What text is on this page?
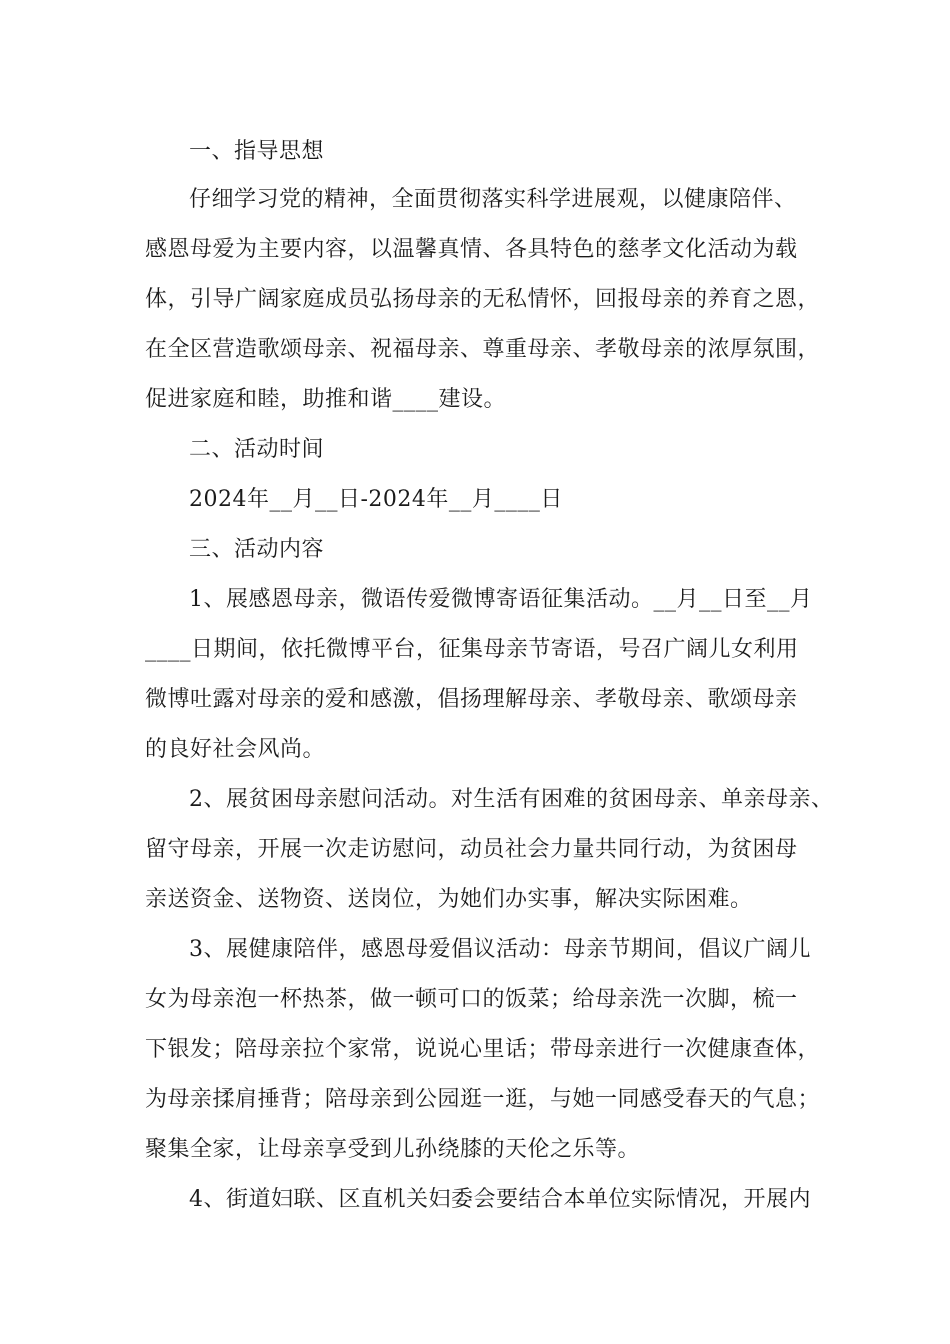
一、指导思想
仔细学习党的精神，全面贯彻落实科学进展观，以健康陪伴、
感恩母爱为主要内容，以温馨真情、各具特色的慈孝文化活动为载
体，引导广阔家庭成员弘扬母亲的无私情怀，回报母亲的养育之恩，
在全区营造歌颂母亲、祝福母亲、尊重母亲、孝敬母亲的浓厚氛围，
促进家庭和睦，助推和谐____建设。
二、活动时间
2024年__月__日-2024年__月____日
三、活动内容
1、展感恩母亲，微语传爱微博寄语征集活动。__月__日至__月
____日期间，依托微博平台，征集母亲节寄语，号召广阔儿女利用
微博吐露对母亲的爱和感激，倡扬理解母亲、孝敬母亲、歌颂母亲
的良好社会风尚。
2、展贫困母亲慰问活动。对生活有困难的贫困母亲、单亲母亲、
留守母亲，开展一次走访慰问，动员社会力量共同行动，为贫困母
亲送资金、送物资、送岗位，为她们办实事，解决实际困难。
3、展健康陪伴，感恩母爱倡议活动：母亲节期间，倡议广阔儿
女为母亲泡一杯热茶，做一顿可口的饭菜；给母亲洗一次脚，梳一
下银发；陪母亲拉个家常，说说心里话；带母亲进行一次健康查体，
为母亲揉肩捶背；陪母亲到公园逛一逛，与她一同感受春天的气息；
聚集全家，让母亲享受到儿孙绕膝的天伦之乐等。
4、街道妇联、区直机关妇委会要结合本单位实际情况，开展内
